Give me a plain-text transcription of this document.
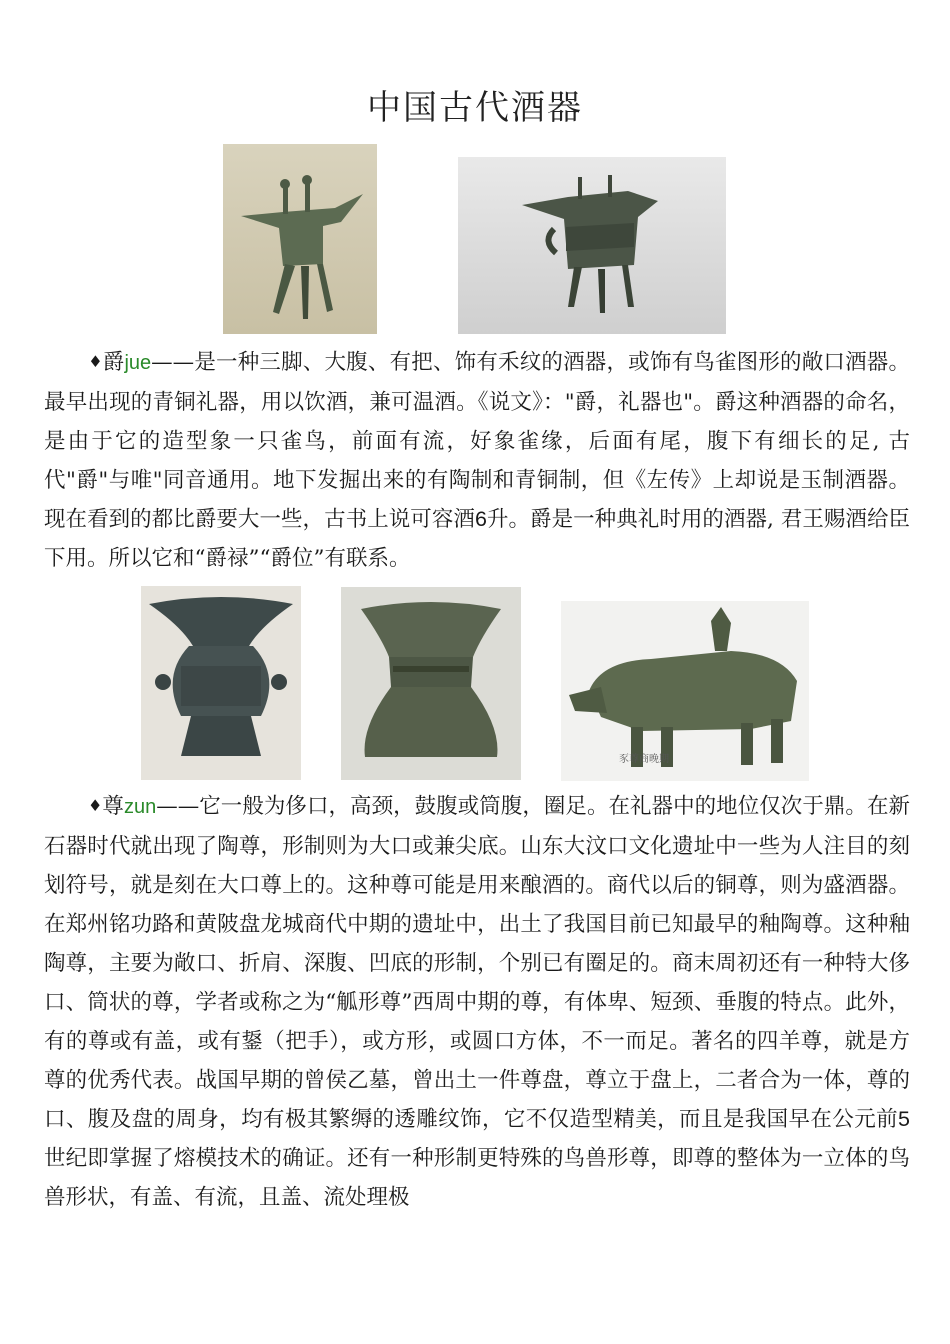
中国古代酒器
♦爵jue——是一种三脚、大腹、有把、饰有禾纹的酒器，或饰有鸟雀图形的敞口酒器。最早出现的青铜礼器，用以饮酒，兼可温酒。《说文》："爵，礼器也"。爵这种酒器的命名，是由于它的造型象一只雀鸟，前面有流，好象雀缘，后面有尾，腹下有细长的足, 古代"爵"与唯"同音通用。地下发掘出来的有陶制和青铜制，但《左传》上却说是玉制酒器。现在看到的都比爵要大一些，古书上说可容酒6升。爵是一种典礼时用的酒器, 君王赐酒给臣下用。所以它和“爵禄”“爵位”有联系。
豕尊商晚期
♦尊zun——它一般为侈口，高颈，鼓腹或筒腹，圈足。在礼器中的地位仅次于鼎。在新石器时代就出现了陶尊，形制则为大口或兼尖底。山东大汶口文化遗址中一些为人注目的刻划符号，就是刻在大口尊上的。这种尊可能是用来酿酒的。商代以后的铜尊，则为盛酒器。在郑州铭功路和黄陂盘龙城商代中期的遗址中，出土了我国目前已知最早的釉陶尊。这种釉陶尊，主要为敞口、折肩、深腹、凹底的形制，个别已有圈足的。商末周初还有一种特大侈口、筒状的尊，学者或称之为“觚形尊”西周中期的尊，有体卑、短颈、垂腹的特点。此外，有的尊或有盖，或有鋬（把手），或方形，或圆口方体，不一而足。著名的四羊尊，就是方尊的优秀代表。战国早期的曾侯乙墓，曾出土一件尊盘，尊立于盘上，二者合为一体，尊的口、腹及盘的周身，均有极其繁缛的透雕纹饰，它不仅造型精美，而且是我国早在公元前5世纪即掌握了熔模技术的确证。还有一种形制更特殊的鸟兽形尊，即尊的整体为一立体的鸟兽形状，有盖、有流，且盖、流处理极
